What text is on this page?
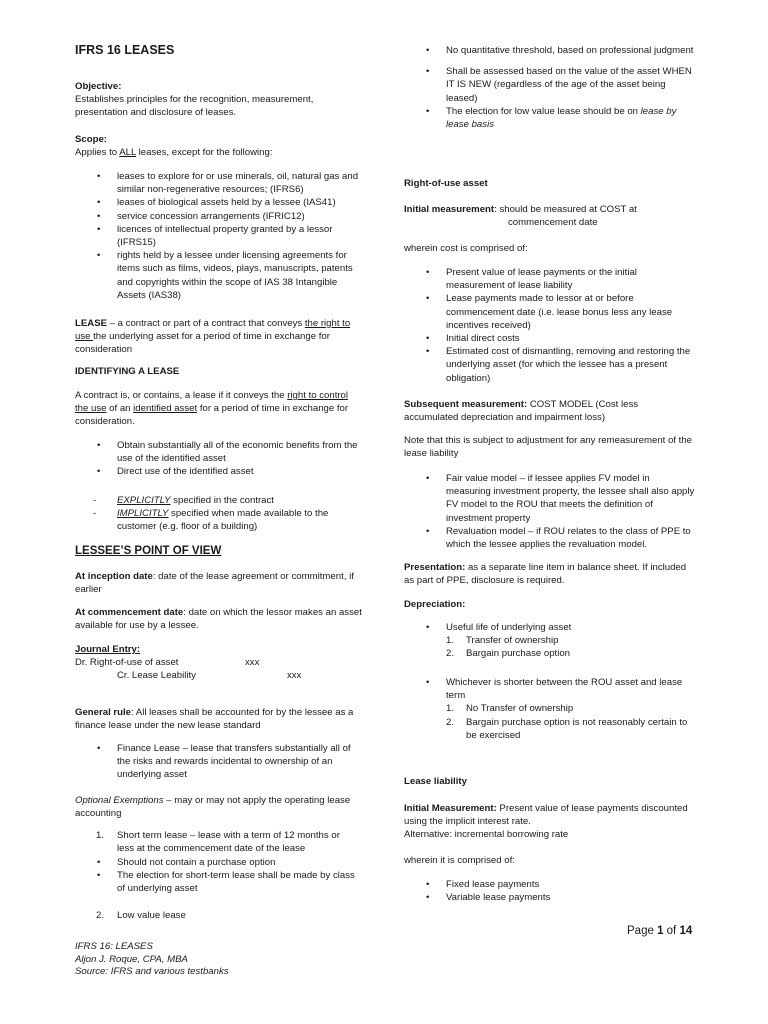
IFRS 16 LEASES

Objective:

Establishes principles for the recognition, measurement, presentation and disclosure of leases.

Scope:

Applies to ALL leases, except for the following:

• leases to explore for or use minerals, oil, natural gas and similar non-regenerative resources; (IFRS6)
• leases of biological assets held by a lessee (IAS41)
• service concession arrangements (IFRIC12)
• licences of intellectual property granted by a lessor (IFRS15)
• rights held by a lessee under licensing agreements for items such as films, videos, plays, manuscripts, patents and copyrights within the scope of IAS 38 Intangible Assets (IAS38)

LEASE – a contract or part of a contract that conveys the right to use the underlying asset for a period of time in exchange for consideration

IDENTIFYING A LEASE

A contract is, or contains, a lease if it conveys the right to control the use of an identified asset for a period of time in exchange for consideration.

• Obtain substantially all of the economic benefits from the use of the identified asset
• Direct use of the identified asset
- EXPLICITLY specified in the contract
- IMPLICITLY specified when made available to the customer (e.g. floor of a building)

LESSEE’S POINT OF VIEW

At inception date: date of the lease agreement or commitment, if earlier

At commencement date: date on which the lessor makes an asset available for use by a lessee.

Journal Entry:

Dr. Right-of-use of asset	xxx
Cr. Lease Leability	xxx

General rule: All leases shall be accounted for by the lessee as a finance lease under the new lease standard

• Finance Lease – lease that transfers substantially all of the risks and rewards incidental to ownership of an underlying asset

Optional Exemptions – may or may not apply the operating lease accounting

1. Short term lease – lease with a term of 12 months or less at the commencement date of the lease
• Should not contain a purchase option
• The election for short-term lease shall be made by class of underlying asset
2. Low value lease
• No quantitative threshold, based on professional judgment
• Shall be assessed based on the value of the asset WHEN IT IS NEW (regardless of the age of the asset being leased)
• The election for low value lease should be on lease by lease basis

Right-of-use asset

Initial measurement: should be measured at COST at

commencement date

wherein cost is comprised of:

• Present value of lease payments or the initial measurement of lease liability
• Lease payments made to lessor at or before commencement date (i.e. lease bonus less any lease incentives received)
• Initial direct costs
• Estimated cost of dismantling, removing and restoring the underlying asset (for which the lessee has a present obligation)

Subsequent measurement: COST MODEL (Cost less accumulated depreciation and impairment loss)

Note that this is subject to adjustment for any remeasurement of the lease liability

• Fair value model – if lessee applies FV model in measuring investment property, the lessee shall also apply FV model to the ROU that meets the definition of investment property
• Revaluation model – if ROU relates to the class of PPE to which the lessee applies the revaluation model.

Presentation: as a separate line item in balance sheet. If included as part of PPE, disclosure is required.

Depreciation:

• Useful life of underlying asset
1. Transfer of ownership
2. Bargain purchase option
• Whichever is shorter between the ROU asset and lease term
1. No Transfer of ownership
2. Bargain purchase option is not reasonably certain to be exercised

Lease liability

Initial Measurement: Present value of lease payments discounted using the implicit interest rate.

Alternative: incremental borrowing rate

wherein it is comprised of:

• Fixed lease payments
• Variable lease payments
Page 1 of 14
IFRS 16: LEASES
Aljon J. Roque, CPA, MBA
Source: IFRS and various testbanks
